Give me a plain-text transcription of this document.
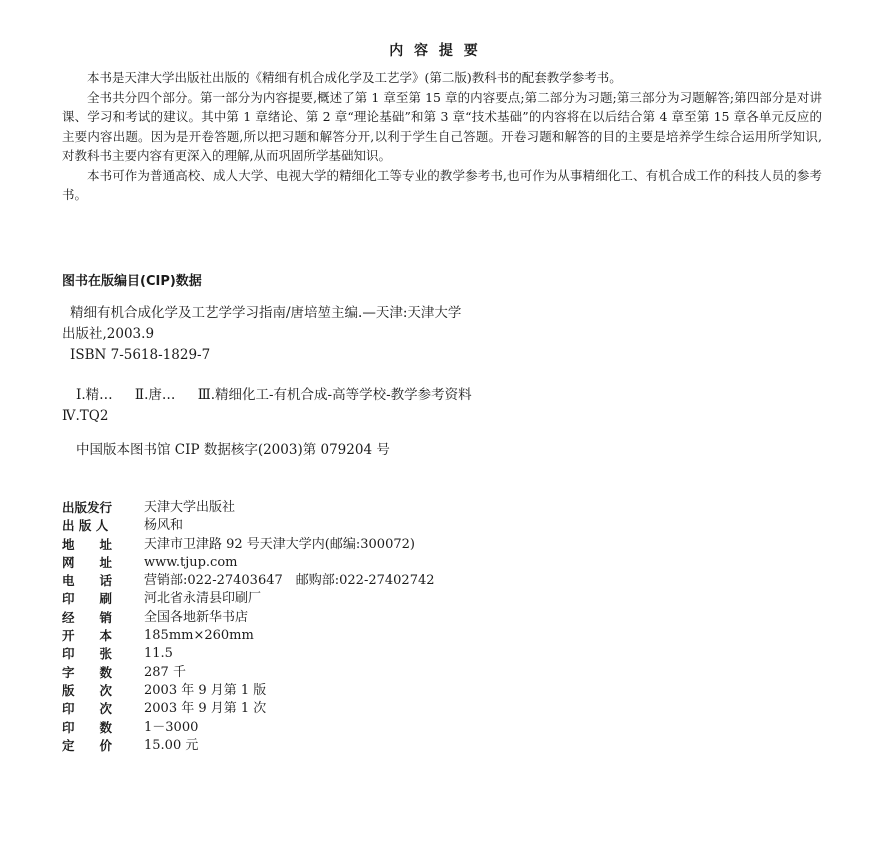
内 容 提 要

本书是天津大学出版社出版的《精细有机合成化学及工艺学》(第二版)教科书的配套教学参考书。

全书共分四个部分。第一部分为内容提要,概述了第 1 章至第 15 章的内容要点;第二部分为习题;第三部分为习题解答;第四部分是对讲课、学习和考试的建议。其中第 1 章绪论、第 2 章“理论基础”和第 3 章“技术基础”的内容将在以后结合第 4 章至第 15 章各单元反应的主要内容出题。因为是开卷答题,所以把习题和解答分开,以利于学生自己答题。开卷习题和解答的目的主要是培养学生综合运用所学知识,对教科书主要内容有更深入的理解,从而巩固所学基础知识。

本书可作为普通高校、成人大学、电视大学的精细化工等专业的教学参考书,也可作为从事精细化工、有机合成工作的科技人员的参考书。

图书在版编目(CIP)数据
精细有机合成化学及工艺学学习指南/唐培堃主编.—天津:天津大学
出版社,2003.9
ISBN 7-5618-1829-7
Ⅰ.精… Ⅱ.唐… Ⅲ.精细化工-有机合成-高等学校-教学参考资料
Ⅳ.TQ2
中国版本图书馆 CIP 数据核字(2003)第 079204 号
出版发行	天津大学出版社
出 版 人	杨风和
地　　址	天津市卫津路 92 号天津大学内(邮编:300072)
网　　址	www.tjup.com
电　　话	营销部:022-27403647　邮购部:022-27402742
印　　刷	河北省永清县印刷厂
经　　销	全国各地新华书店
开　　本	185mm×260mm
印　　张	11.5
字　　数	287 千
版　　次	2003 年 9 月第 1 版
印　　次	2003 年 9 月第 1 次
印　　数	1－3000
定　　价	15.00 元
